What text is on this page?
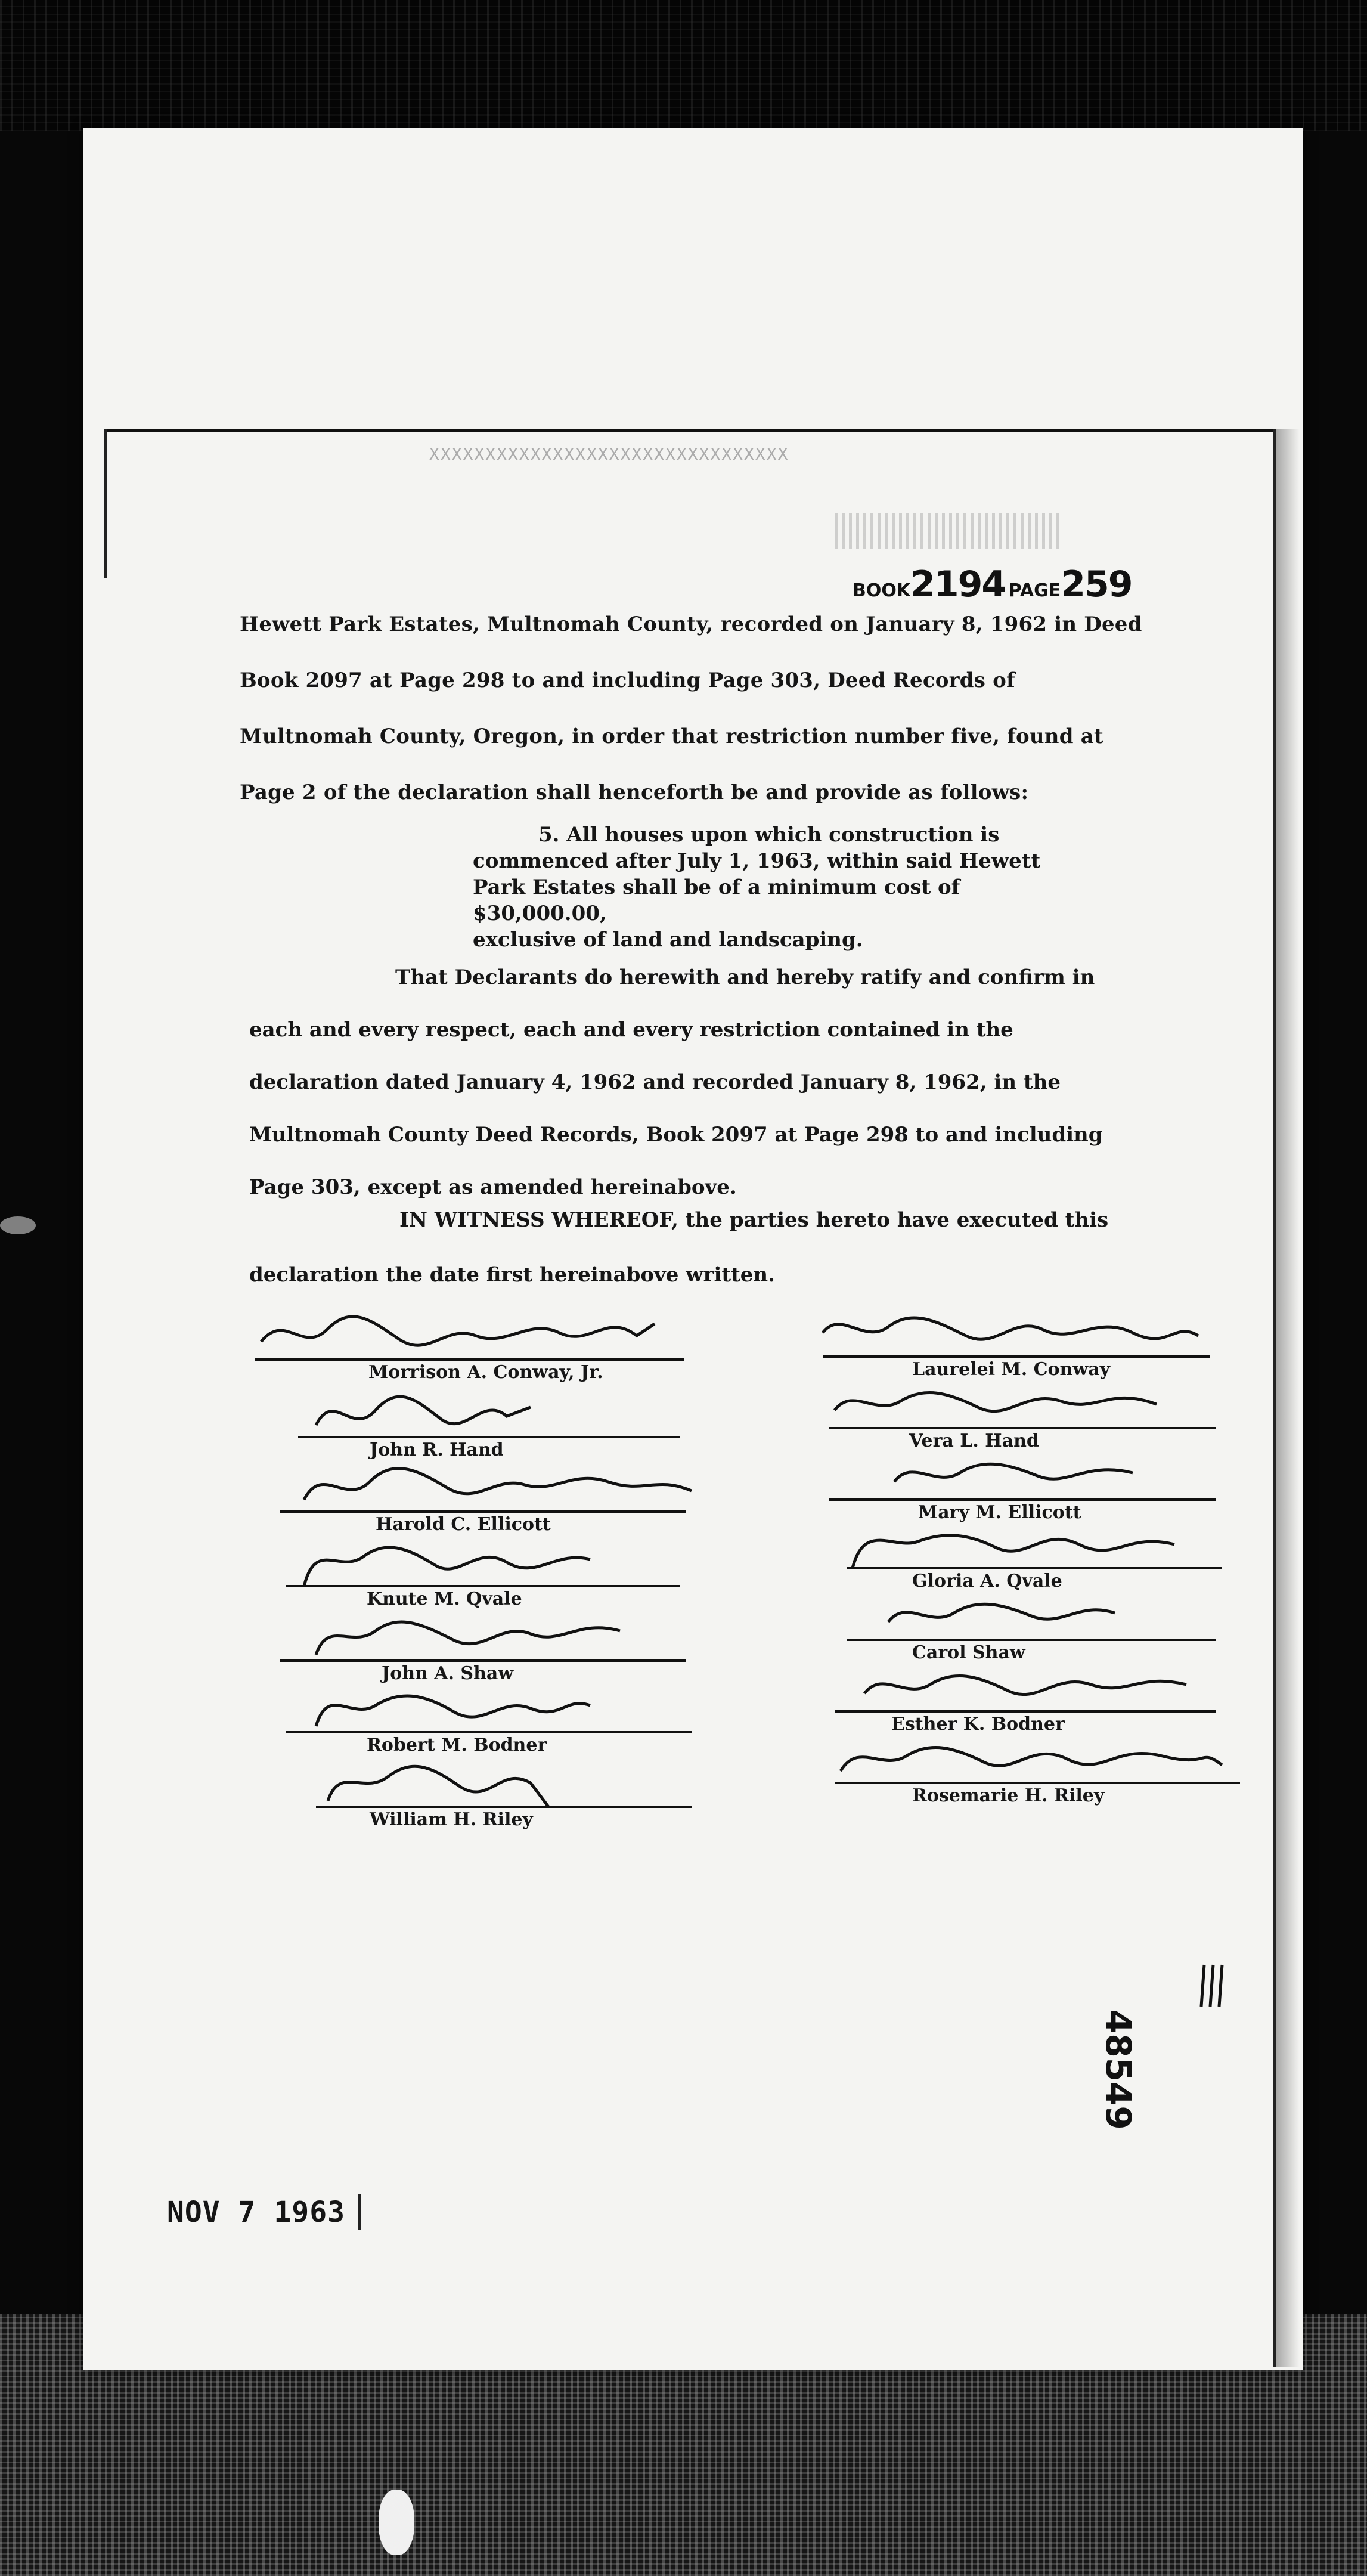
XXXXXXXXXXXXXXXXXXXXXXXXXXXXXXXX
BOOK2194 PAGE259

Hewett Park Estates, Multnomah County, recorded on January 8, 1962 in Deed Book 2097 at Page 298 to and including Page 303, Deed Records of Multnomah County, Oregon, in order that restriction number five, found at Page 2 of the declaration shall henceforth be and provide as follows:

5. All houses upon which construction is
commenced after July 1, 1963, within said Hewett
Park Estates shall be of a minimum cost of $30,000.00,
exclusive of land and landscaping.
That Declarants do herewith and hereby ratify and confirm in each and every respect, each and every restriction contained in the declaration dated January 4, 1962 and recorded January 8, 1962, in the Multnomah County Deed Records, Book 2097 at Page 298 to and including Page 303, except as amended hereinabove.
IN WITNESS WHEREOF, the parties hereto have executed this declaration the date first hereinabove written.
Morrison A. Conway, Jr.
John R. Hand
Harold C. Ellicott
Knute M. Qvale
John A. Shaw
Robert M. Bodner
William H. Riley
Laurelei M. Conway
Vera L. Hand
Mary M. Ellicott
Gloria A. Qvale
Carol Shaw
Esther K. Bodner
Rosemarie H. Riley
48549
NOV 7 1963
